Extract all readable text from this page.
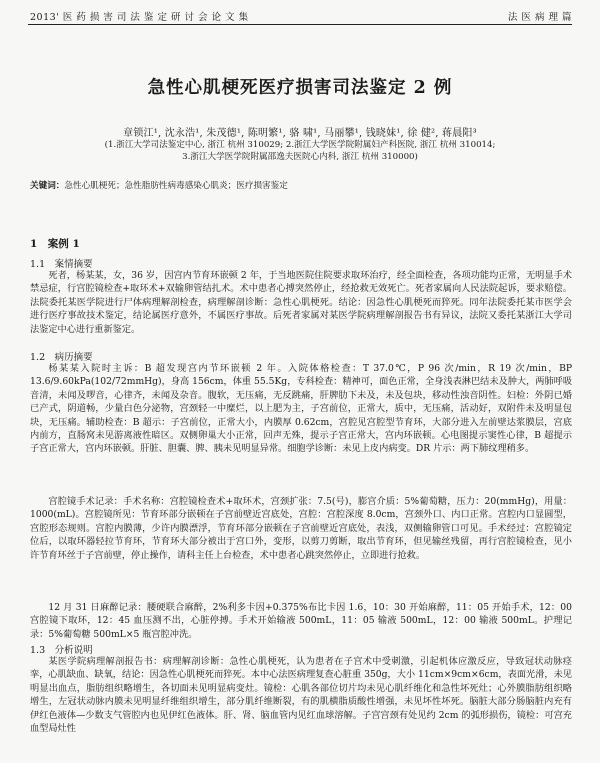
2013' 医 药 损 害 司 法 鉴 定 研 讨 会 论 文 集	法 医 病 理 篇
急性心肌梗死医疗损害司法鉴定 2 例
章锁江¹, 沈永浩¹, 朱茂德¹, 陈明繁¹, 骆 啸¹, 马丽攀¹, 钱晓妹¹, 徐 健², 蒋晨阳³
(1.浙江大学司法鉴定中心, 浙江 杭州 310029; 2.浙江大学医学院附属妇产科医院, 浙江 杭州 310014;
3.浙江大学医学院附属邵逸夫医院心内科, 浙江 杭州 310000)
关键词：急性心肌梗死；急性脂肪性病毒感染心肌炎；医疗损害鉴定
1　案例 1
1.1　案情摘要
死者，杨某某，女，36 岁，因宫内节育环嵌顿 2 年，于当地医院住院要求取环治疗，经全面检查，各项功能均正常，无明显手术禁忌症，行宫腔镜检查+取环术+双输卵管结扎术。术中患者心搏突然停止，经抢救无效死亡。死者家属向人民法院起诉，要求赔偿。法院委托某医学院进行尸体病理解剖检查，病理解剖诊断：急性心肌梗死。结论：因急性心肌梗死而猝死。同年法院委托某市医学会进行医疗事故技术鉴定，结论属医疗意外，不属医疗事故。后死者家属对某医学院病理解剖报告书有异议，法院又委托某浙江大学司法鉴定中心进行重新鉴定。
1.2　病历摘要
杨某某入院时主诉：B 超发现宫内节环嵌顿 2 年。入院体格检查：T 37.0℃，P 96 次/min，R 19 次/min，BP 13.6/9.60kPa(102/72mmHg)，身高 156cm，体重 55.5Kg，专科检查：精神可，面色正常，全身浅表淋巴结未及肿大，两肺呼吸音清，未闻及啰音，心律齐，未闻及杂音。腹软，无压痛，无反跳痛，肝脾肋下未及，未及包块，移动性浊音阴性。妇检：外阴已婚已产式，阴道畅，少量白色分泌物，宫颈轻一中糜烂，以上肥为主，子宫前位，正常大，质中，无压痛，活动好，双附件未及明显包块，无压痛。辅助检查：B 超示：子宫前位，正常大小，内膜厚 0.62cm，宫腔见宫腔型节育环，大部分进入左前壁达浆膜层，宫底内前方，直肠窝未见游离液性暗区。双侧卵巢大小正常，回声无殊，提示子宫正常大，宫内环嵌顿。心电图提示窦性心律，B 超提示子宫正常大，宫内环嵌顿。肝脏、胆囊、脾、胰未见明显异常。细胞学诊断：未见上皮内病变。DR 片示：两下肺纹理稍多。
宫腔镜手术记录：手术名称：宫腔镜检查术+取环术，宫颈扩张：7.5(号)，膨宫介质：5%葡萄糖，压力：20(mmHg)，用量：1000(mL)。宫腔镜所见：节育环部分嵌顿在子宫前壁近宫底处，宫腔：宫腔深度 8.0cm，宫颈外口、内口正常。宫腔内口显圆型，宫腔形态规则。宫腔内膜薄，少许内膜漂浮，节育环部分嵌顿在子宫前壁近宫底处，表浅，双侧输卵管口可见。手术经过：宫腔镜定位后，以取环器轻拉节育环，节育环大部分被出于宫口外，变形，以剪刀剪断，取出节育环，但见输丝残留，再行宫腔镜检查，见小许节育环丝于子宫前壁，停止操作，请科主任上台检查，术中患者心跳突然停止，立即进行抢救。
12 月 31 日麻醉记录：腰硬联合麻醉，2%利多卡因+0.375%布比卡因 1.6，10：30 开始麻醉，11：05 开始手术，12：00 宫腔镜下取环，12：45 血压测不出，心脏停搏。手术开始输液 500mL，11：05 输液 500mL，12：00 输液 500mL。护理记录：5%葡萄糖 500mL×5 瓶宫腔冲洗。
1.3　分析说明
某医学院病理解剖报告书：病理解剖诊断：急性心肌梗死，认为患者在子宫术中受刺激，引起机体应激反应，导致冠状动脉痉挛，心肌缺血、缺氧，结论：因急性心肌梗死而猝死。本中心法医病理复查心脏重 350g，大小 11cm×9cm×6cm，表面光滑，未见明显出血点，脂肪组织略增生，各切面未见明显病变灶。镜检：心肌各部位切片均未见心肌纤维化和急性坏死灶；心外膜脂肪组织略增生，左冠状动脉内膜未见明显纤维组织增生，部分肌纤维断裂，有的肌横脂质酸性增强，未见坏性坏死。脑脏大部分肠脑脏内充有伊红色液体—少数支气管腔内也见伊红色液体。肝、肾、脑血管内见红血球溶解。子宫宫颈有处见约 2cm 的弧形损伤，镜检：可宫充血型局灶性
